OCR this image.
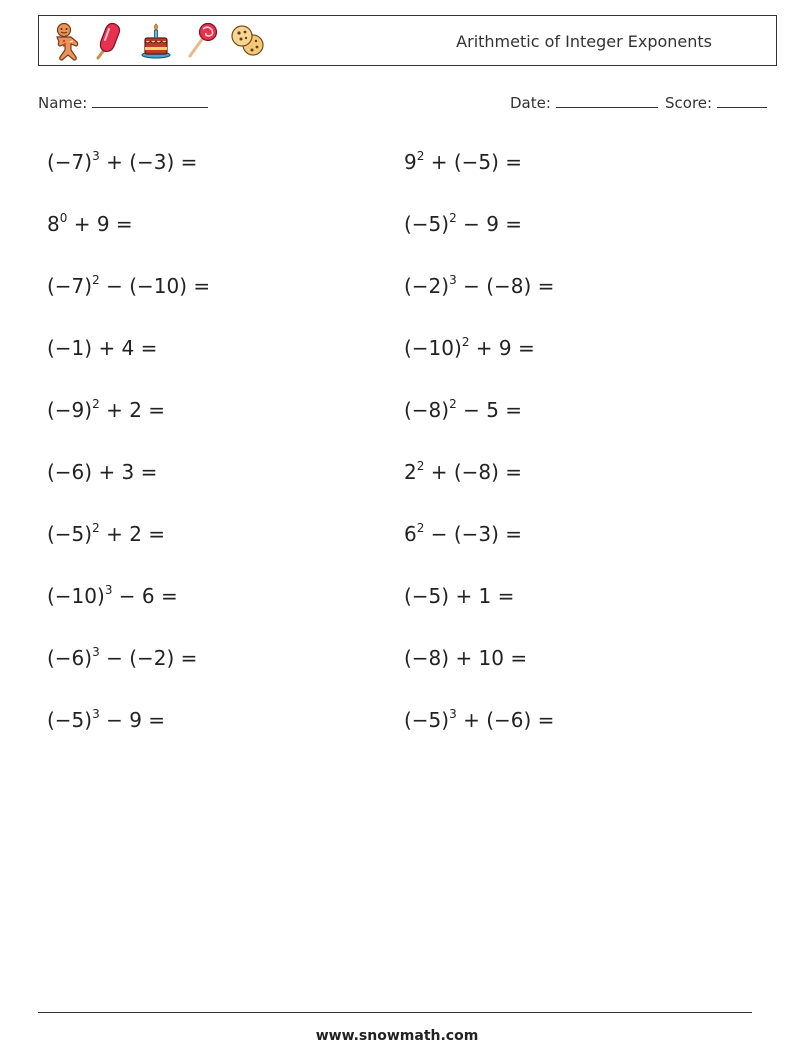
Arithmetic of Integer Exponents
Name:	Date:	Score:
$(-7)^3 + (-3)$ =
$8^0 + 9$ =
$(-7)^2 - (-10)$ =
(−1) + 4 =
$(-9)^2 + 2$ =
(−6) + 3 =
$(-5)^2 + 2$ =
$(-10)^3 - 6$ =
$(-6)^3 - (-2)$ =
$(-5)^3 - 9$ =
$9^2 + (-5)$ =
$(-5)^2 - 9$ =
$(-2)^3 - (-8)$ =
$(-10)^2 + 9$ =
$(-8)^2 - 5$ =
$2^2 + (-8)$ =
$6^2 - (-3)$ =
(−5) + 1 =
(−8) + 10 =
$(-5)^3 + (-6)$ =
www.snowmath.com
